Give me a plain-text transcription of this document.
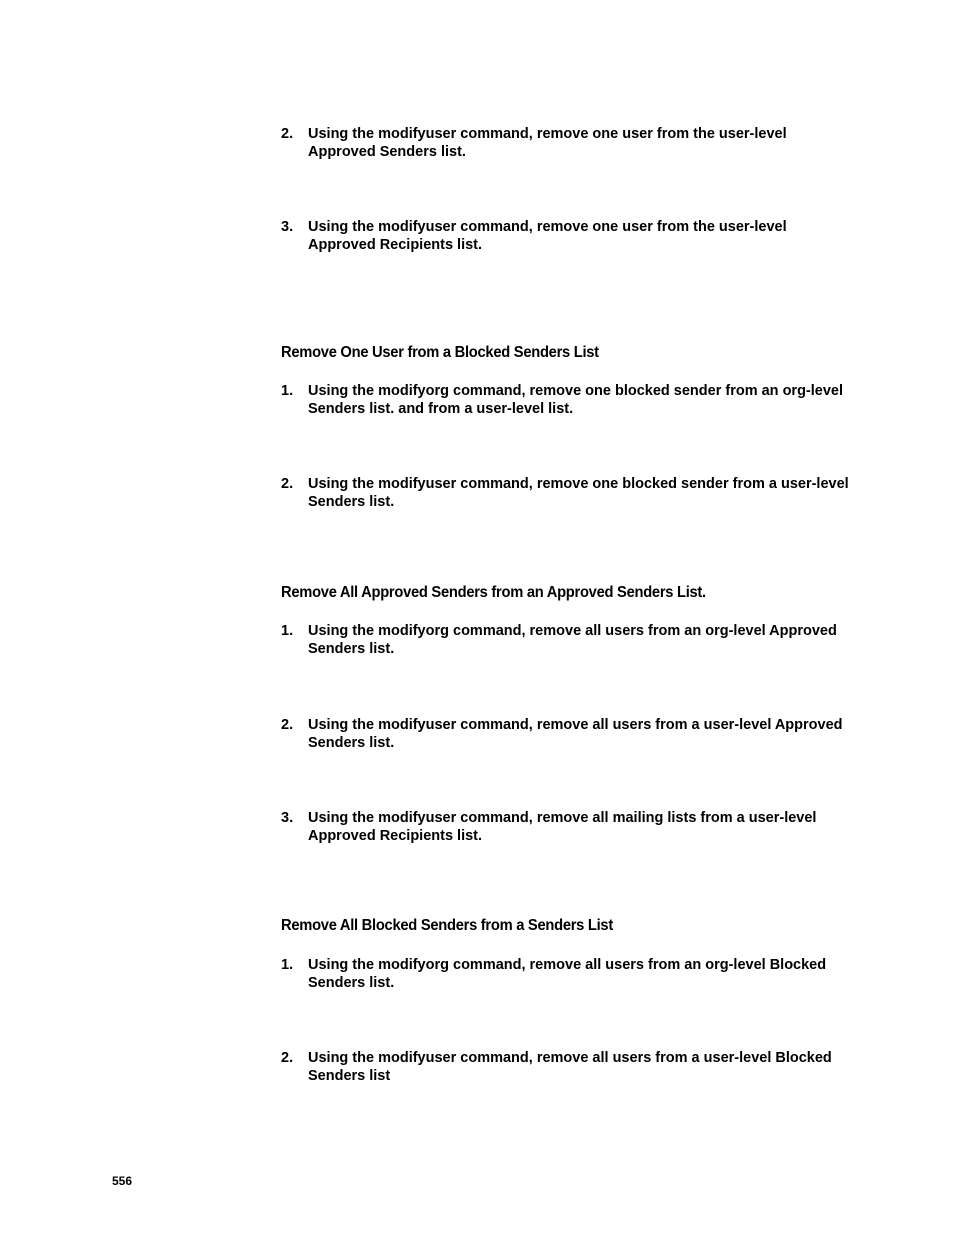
2. Using the modifyuser command, remove one user from the user-level Approved Senders list.
3. Using the modifyuser command, remove one user from the user-level Approved Recipients list.
Remove One User from a Blocked Senders List
1. Using the modifyorg command, remove one blocked sender from an org-level Senders list. and from a user-level list.
2. Using the modifyuser command, remove one blocked sender from a user-level Senders list.
Remove All Approved Senders from an Approved Senders List.
1. Using the modifyorg command, remove all users from an org-level Approved Senders list.
2. Using the modifyuser command, remove all users from a user-level Approved Senders list.
3. Using the modifyuser command, remove all mailing lists from a user-level Approved Recipients list.
Remove All Blocked Senders from a Senders List
1. Using the modifyorg command, remove all users from an org-level Blocked Senders list.
2. Using the modifyuser command, remove all users from a user-level Blocked Senders list
556
